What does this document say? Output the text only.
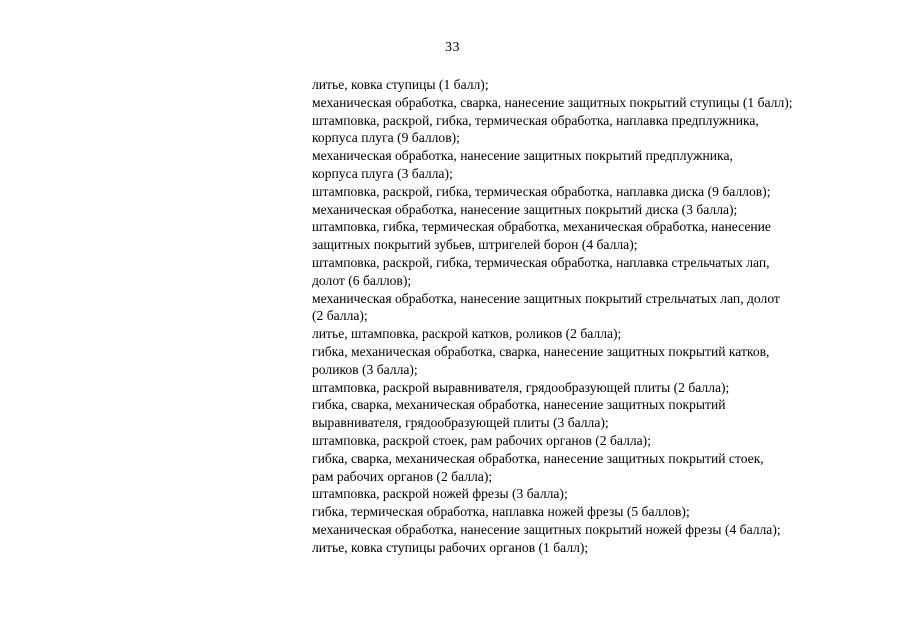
33
литье, ковка ступицы (1 балл);
механическая обработка, сварка, нанесение защитных покрытий ступицы (1 балл);
штамповка, раскрой, гибка, термическая обработка, наплавка предплужника,
корпуса плуга (9 баллов);
механическая обработка, нанесение защитных покрытий предплужника,
корпуса плуга (3 балла);
штамповка, раскрой, гибка, термическая обработка, наплавка диска (9 баллов);
механическая обработка, нанесение защитных покрытий диска (3 балла);
штамповка, гибка, термическая обработка, механическая обработка, нанесение
защитных покрытий зубьев, штригелей борон (4 балла);
штамповка, раскрой, гибка, термическая обработка, наплавка стрельчатых лап,
долот (6 баллов);
механическая обработка, нанесение защитных покрытий стрельчатых лап, долот
(2 балла);
литье, штамповка, раскрой катков, роликов (2 балла);
гибка, механическая обработка, сварка, нанесение защитных покрытий катков,
роликов (3 балла);
штамповка, раскрой выравнивателя, грядообразующей плиты (2 балла);
гибка, сварка, механическая обработка, нанесение защитных покрытий
выравнивателя, грядообразующей плиты (3 балла);
штамповка, раскрой стоек, рам рабочих органов (2 балла);
гибка, сварка, механическая обработка, нанесение защитных покрытий стоек,
рам рабочих органов (2 балла);
штамповка, раскрой ножей фрезы (3 балла);
гибка, термическая обработка, наплавка ножей фрезы (5 баллов);
механическая обработка, нанесение защитных покрытий ножей фрезы (4 балла);
литье, ковка ступицы рабочих органов (1 балл);
